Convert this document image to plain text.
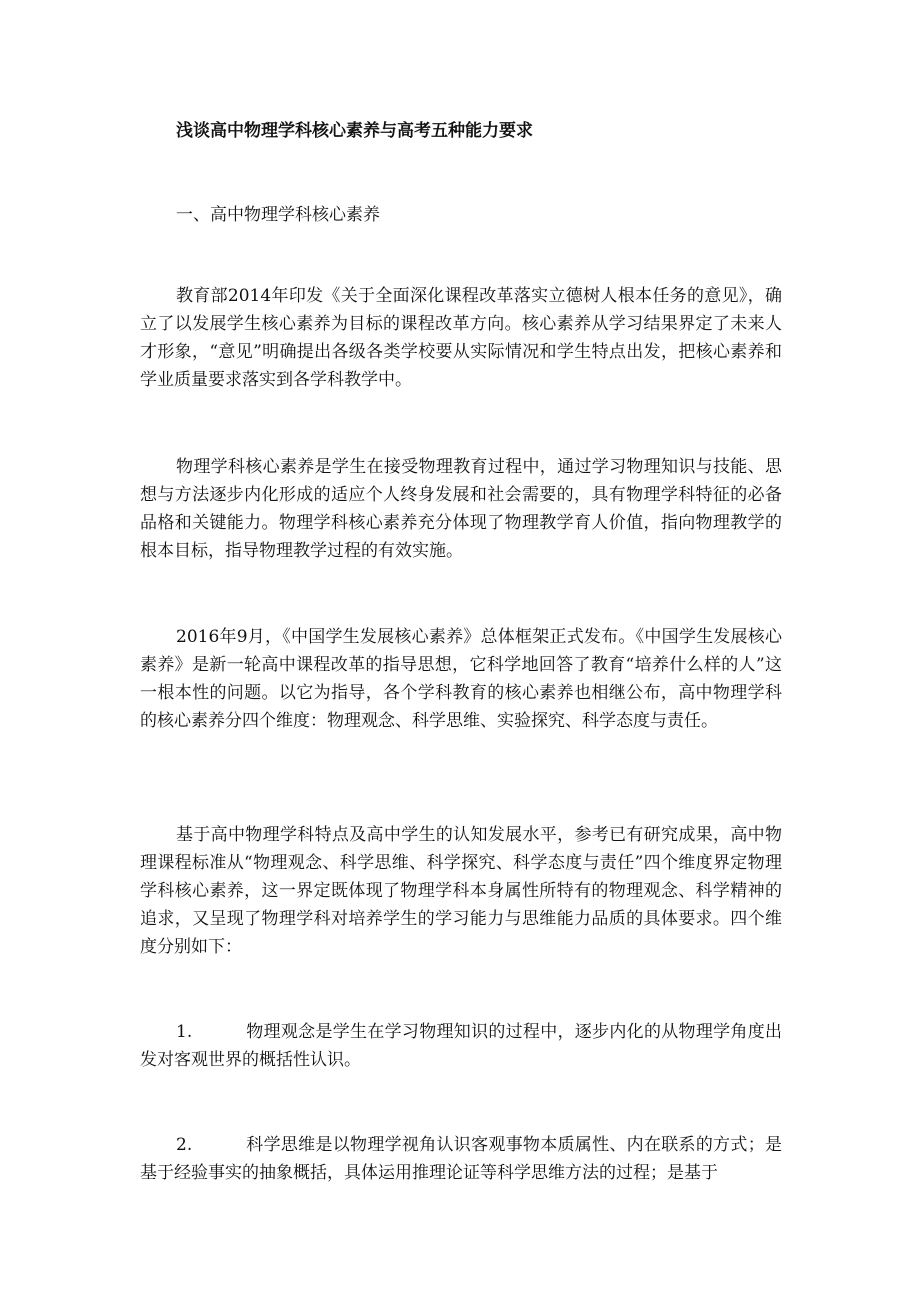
浅谈高中物理学科核心素养与高考五种能力要求
一、高中物理学科核心素养

教育部2014年印发《关于全面深化课程改革落实立德树人根本任务的意见》，确立了以发展学生核心素养为目标的课程改革方向。核心素养从学习结果界定了未来人才形象，“意见”明确提出各级各类学校要从实际情况和学生特点出发，把核心素养和学业质量要求落实到各学科教学中。

物理学科核心素养是学生在接受物理教育过程中，通过学习物理知识与技能、思想与方法逐步内化形成的适应个人终身发展和社会需要的，具有物理学科特征的必备品格和关键能力。物理学科核心素养充分体现了物理教学育人价值，指向物理教学的根本目标，指导物理教学过程的有效实施。

2016年9月，《中国学生发展核心素养》总体框架正式发布。《中国学生发展核心素养》是新一轮高中课程改革的指导思想，它科学地回答了教育“培养什么样的人”这一根本性的问题。以它为指导，各个学科教育的核心素养也相继公布，高中物理学科的核心素养分四个维度：物理观念、科学思维、实验探究、科学态度与责任。

基于高中物理学科特点及高中学生的认知发展水平，参考已有研究成果，高中物理课程标准从“物理观念、科学思维、科学探究、科学态度与责任”四个维度界定物理学科核心素养，这一界定既体现了物理学科本身属性所特有的物理观念、科学精神的追求，又呈现了物理学科对培养学生的学习能力与思维能力品质的具体要求。四个维度分别如下：

1.	物理观念是学生在学习物理知识的过程中，逐步内化的从物理学角度出发对客观世界的概括性认识。

2.	科学思维是以物理学视角认识客观事物本质属性、内在联系的方式；是基于经验事实的抽象概括，具体运用推理论证等科学思维方法的过程；是基于
